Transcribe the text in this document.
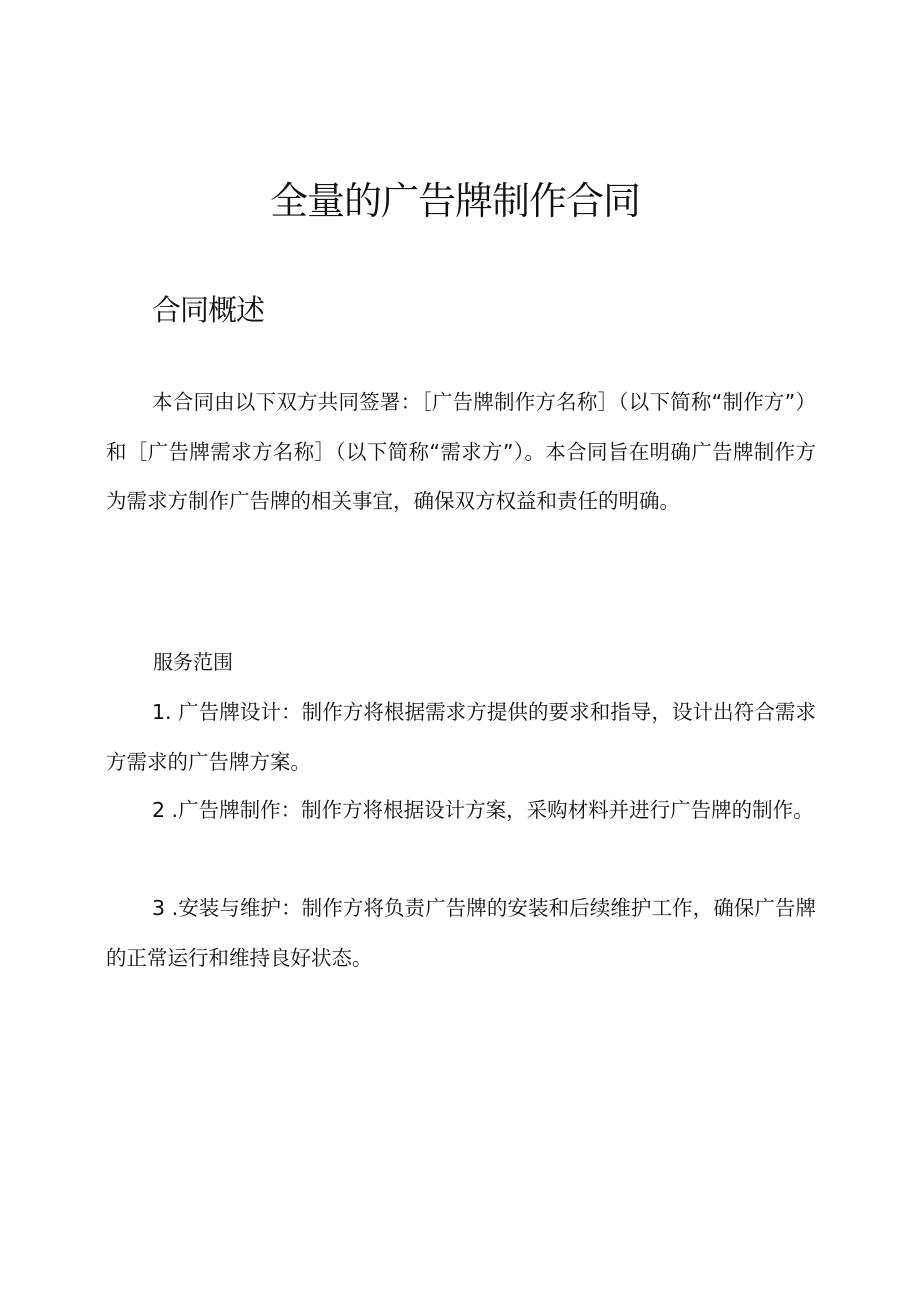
全量的广告牌制作合同
合同概述

本合同由以下双方共同签署：［广告牌制作方名称］（以下简称“制作方”）和［广告牌需求方名称］（以下简称“需求方”）。本合同旨在明确广告牌制作方为需求方制作广告牌的相关事宜，确保双方权益和责任的明确。

服务范围

1. 广告牌设计：制作方将根据需求方提供的要求和指导，设计出符合需求方需求的广告牌方案。

2 .广告牌制作：制作方将根据设计方案，采购材料并进行广告牌的制作。

3 .安装与维护：制作方将负责广告牌的安装和后续维护工作，确保广告牌的正常运行和维持良好状态。
